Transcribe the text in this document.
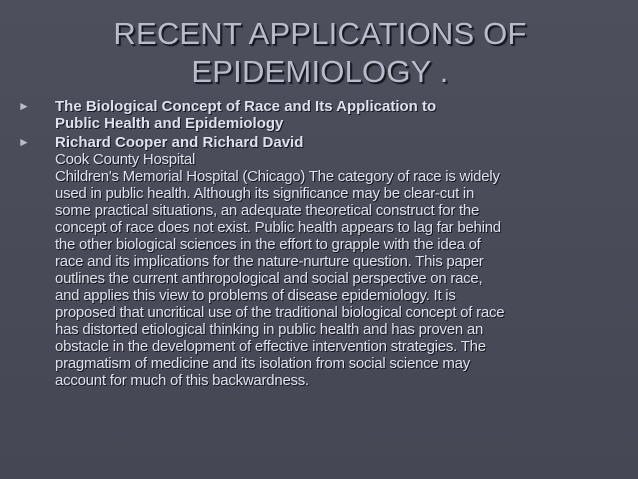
RECENT APPLICATIONS OF EPIDEMIOLOGY .
► The Biological Concept of Race and Its Application to
Public Health and Epidemiology
► Richard Cooper and Richard David
Cook County Hospital
Children's Memorial Hospital (Chicago) The category of race is widely
used in public health. Although its significance may be clear-cut in
some practical situations, an adequate theoretical construct for the
concept of race does not exist. Public health appears to lag far behind
the other biological sciences in the effort to grapple with the idea of
race and its implications for the nature-nurture question. This paper
outlines the current anthropological and social perspective on race,
and applies this view to problems of disease epidemiology. It is
proposed that uncritical use of the traditional biological concept of race
has distorted etiological thinking in public health and has proven an
obstacle in the development of effective intervention strategies. The
pragmatism of medicine and its isolation from social science may
account for much of this backwardness.
